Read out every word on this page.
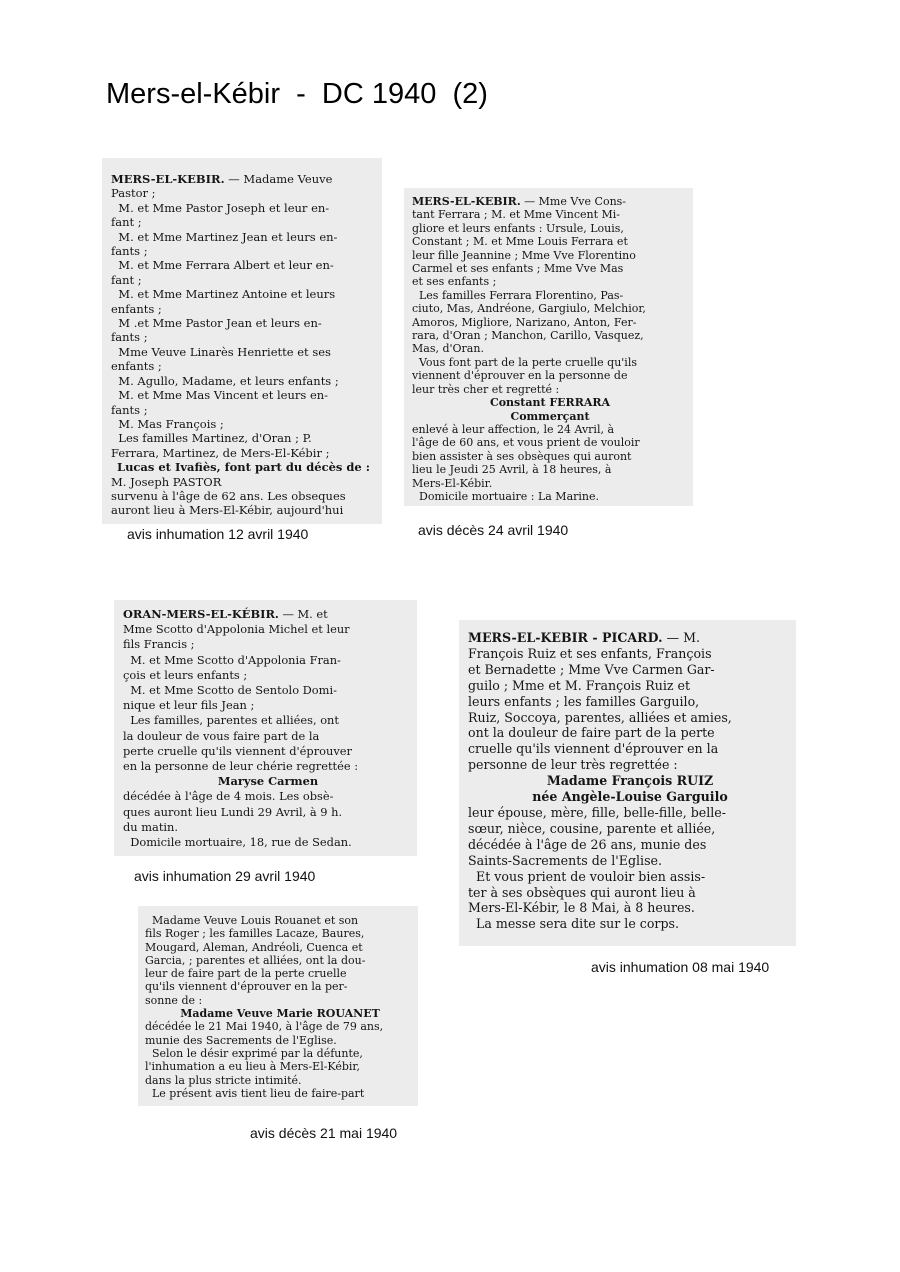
Mers-el-Kébir  -  DC 1940  (2)
MERS-EL-KEBIR. — Madame Veuve
Pastor ;
M. et Mme Pastor Joseph et leur en-
fant ;
M. et Mme Martinez Jean et leurs en-
fants ;
M. et Mme Ferrara Albert et leur en-
fant ;
M. et Mme Martinez Antoine et leurs
enfants ;
M .et Mme Pastor Jean et leurs en-
fants ;
Mme Veuve Linarès Henriette et ses
enfants ;
M. Agullo, Madame, et leurs enfants ;
M. et Mme Mas Vincent et leurs en-
fants ;
M. Mas François ;
Les familles Martinez, d'Oran ; P.
Ferrara, Martinez, de Mers-El-Kébir ;
Lucas et Ivafiès, font part du décès de :
M. Joseph PASTOR
survenu à l'âge de 62 ans. Les obseques
auront lieu à Mers-El-Kébir, aujourd'hui
avis inhumation 12 avril 1940
MERS-EL-KEBIR. — Mme Vve Cons-
tant Ferrara ; M. et Mme Vincent Mi-
gliore et leurs enfants : Ursule, Louis,
Constant ; M. et Mme Louis Ferrara et
leur fille Jeannine ; Mme Vve Florentino
Carmel et ses enfants ; Mme Vve Mas
et ses enfants ;
Les familles Ferrara Florentino, Pas-
ciuto, Mas, Andréone, Gargiulo, Melchior,
Amoros, Migliore, Narizano, Anton, Fer-
rara, d'Oran ; Manchon, Carillo, Vasquez,
Mas, d'Oran.
Vous font part de la perte cruelle qu'ils
viennent d'éprouver en la personne de
leur très cher et regretté :
Constant FERRARA
Commerçant
enlevé à leur affection, le 24 Avril, à
l'âge de 60 ans, et vous prient de vouloir
bien assister à ses obsèques qui auront
lieu le Jeudi 25 Avril, à 18 heures, à
Mers-El-Kébir.
Domicile mortuaire : La Marine.
avis décès 24 avril 1940
ORAN-MERS-EL-KÉBIR. — M. et
Mme Scotto d'Appolonia Michel et leur
fils Francis ;
M. et Mme Scotto d'Appolonia Fran-
çois et leurs enfants ;
M. et Mme Scotto de Sentolo Domi-
nique et leur fils Jean ;
Les familles, parentes et alliées, ont
la douleur de vous faire part de la
perte cruelle qu'ils viennent d'éprouver
en la personne de leur chérie regrettée :
Maryse Carmen
décédée à l'âge de 4 mois. Les obsè-
ques auront lieu Lundi 29 Avril, à 9 h.
du matin.
Domicile mortuaire, 18, rue de Sedan.
avis inhumation 29 avril 1940
MERS-EL-KEBIR - PICARD. — M.
François Ruiz et ses enfants, François
et Bernadette ; Mme Vve Carmen Gar-
guilo ; Mme et M. François Ruiz et
leurs enfants ; les familles Garguilo,
Ruiz, Soccoya, parentes, alliées et amies,
ont la douleur de faire part de la perte
cruelle qu'ils viennent d'éprouver en la
personne de leur très regrettée :
Madame François RUIZ
née Angèle-Louise Garguilo
leur épouse, mère, fille, belle-fille, belle-
sœur, nièce, cousine, parente et alliée,
décédée à l'âge de 26 ans, munie des
Saints-Sacrements de l'Eglise.
Et vous prient de vouloir bien assis-
ter à ses obsèques qui auront lieu à
Mers-El-Kébir, le 8 Mai, à 8 heures.
La messe sera dite sur le corps.
avis inhumation 08 mai 1940
Madame Veuve Louis Rouanet et son
fils Roger ; les familles Lacaze, Baures,
Mougard, Aleman, Andréoli, Cuenca et
Garcia, ; parentes et alliées, ont la dou-
leur de faire part de la perte cruelle
qu'ils viennent d'éprouver en la per-
sonne de :
Madame Veuve Marie ROUANET
décédée le 21 Mai 1940, à l'âge de 79 ans,
munie des Sacrements de l'Eglise.
Selon le désir exprimé par la défunte,
l'inhumation a eu lieu à Mers-El-Kébir,
dans la plus stricte intimité.
Le présent avis tient lieu de faire-part
avis décès 21 mai 1940
